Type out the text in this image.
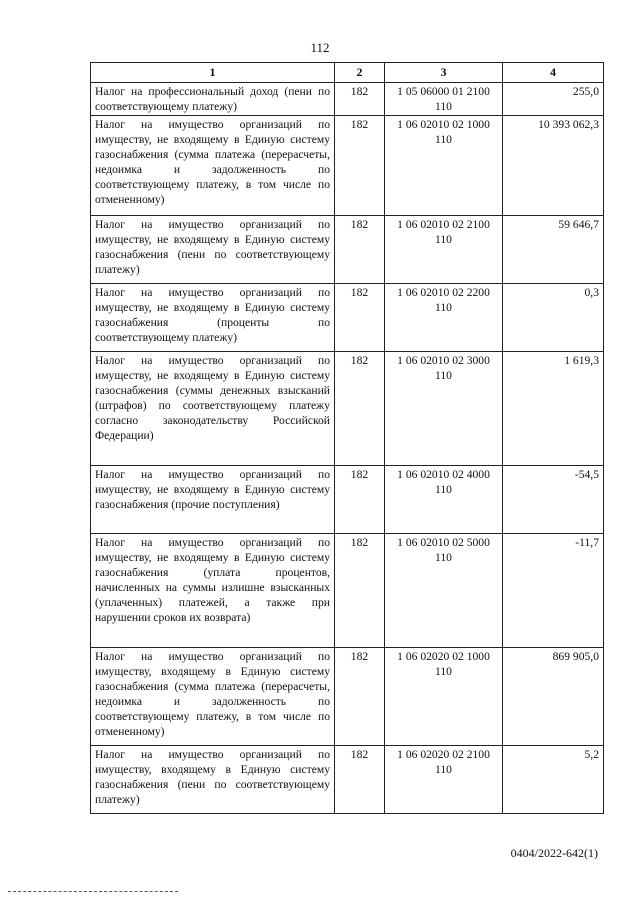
112
1	2	3	4
Налог на профессиональный доход (пени по соответствующему платежу)	182	1 05 06000 01 2100 110	255,0
Налог на имущество организаций по имуществу, не входящему в Единую систему газоснабжения (сумма платежа (перерасчеты, недоимка и задолженность по соответствующему платежу, в том числе по отмененному)	182	1 06 02010 02 1000 110	10 393 062,3
Налог на имущество организаций по имуществу, не входящему в Единую систему газоснабжения (пени по соответствующему платежу)	182	1 06 02010 02 2100 110	59 646,7
Налог на имущество организаций по имуществу, не входящему в Единую систему газоснабжения (проценты по соответствующему платежу)	182	1 06 02010 02 2200 110	0,3
Налог на имущество организаций по имуществу, не входящему в Единую систему газоснабжения (суммы денежных взысканий (штрафов) по соответствующему платежу согласно законодательству Российской Федерации)	182	1 06 02010 02 3000 110	1 619,3
Налог на имущество организаций по имуществу, не входящему в Единую систему газоснабжения (прочие поступления)	182	1 06 02010 02 4000 110	-54,5
Налог на имущество организаций по имуществу, не входящему в Единую систему газоснабжения (уплата процентов, начисленных на суммы излишне взысканных (уплаченных) платежей, а также при нарушении сроков их возврата)	182	1 06 02010 02 5000 110	-11,7
Налог на имущество организаций по имуществу, входящему в Единую систему газоснабжения (сумма платежа (перерасчеты, недоимка и задолженность по соответствующему платежу, в том числе по отмененному)	182	1 06 02020 02 1000 110	869 905,0
Налог на имущество организаций по имуществу, входящему в Единую систему газоснабжения (пени по соответствующему платежу)	182	1 06 02020 02 2100 110	5,2
0404/2022-642(1)
